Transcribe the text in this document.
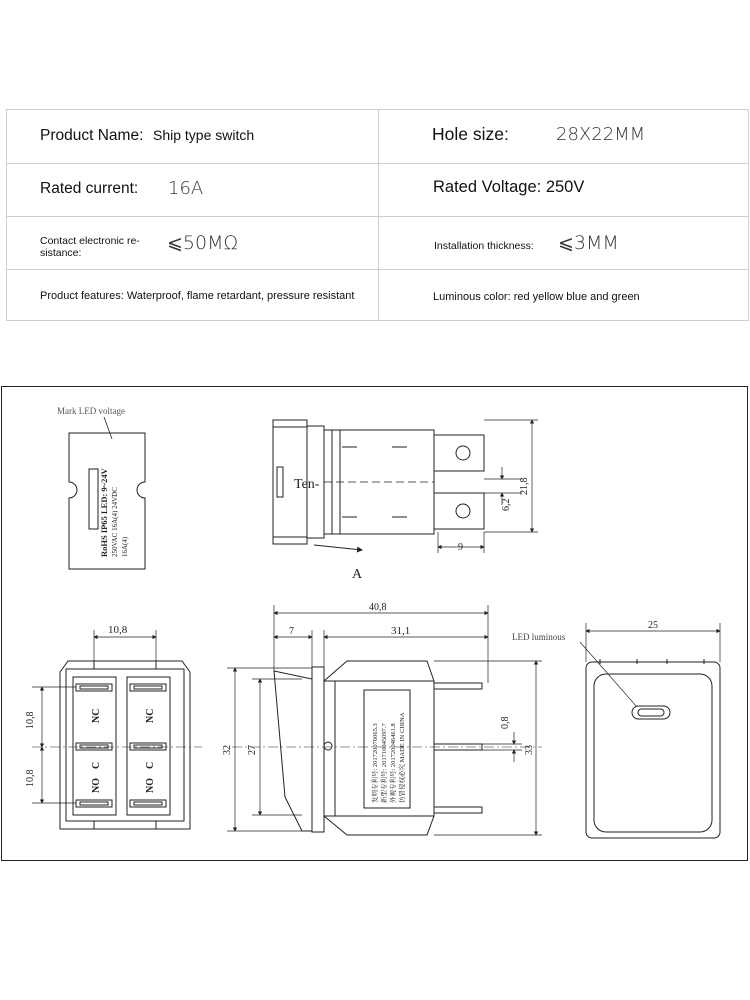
Product Name: Ship type switch	Hole size:	28X22MM
Rated current: 16A	Rated Voltage: 250V
Contact electronic re-
sistance:	⩽50MΩ	Installation thickness: ⩽3MM
Product features: Waterproof, flame retardant, pressure resistant	Luminous color: red yellow blue and green
Mark LED voltage
RoHS IP65 LED: 9~24V 250VAC 16A(4) 24VDC 16A(4)
A
Ten-	21,8
6,2
9
10,8
10,8
10,8
NC	NC
C	C
NO	NO
40,8
7	31,1
32 27
0,8
33
发明专利号: 201720076065.3 新型专利号: 201710045097.7 外观专利号: 201720046461.8 仿冒侵权必究 MADE IN CHINA
25
LED luminous
